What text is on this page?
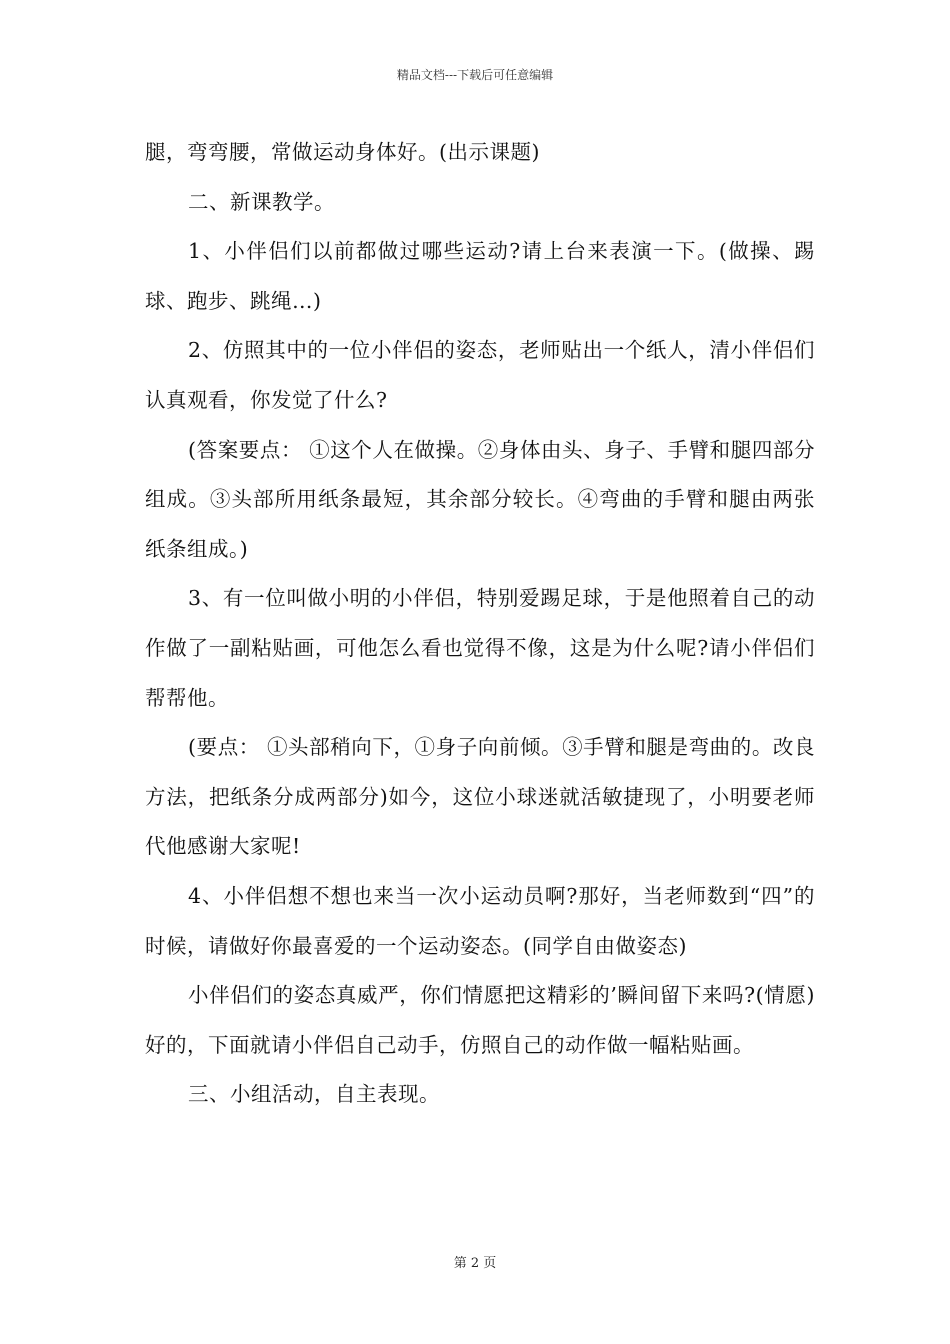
精品文档---下载后可任意编辑

腿，弯弯腰，常做运动身体好。(出示课题)

二、新课教学。

1、小伴侣们以前都做过哪些运动?请上台来表演一下。(做操、踢球、跑步、跳绳…)

2、仿照其中的一位小伴侣的姿态，老师贴出一个纸人，清小伴侣们认真观看，你发觉了什么?

(答案要点： ①这个人在做操。②身体由头、身子、手臂和腿四部分组成。③头部所用纸条最短，其余部分较长。④弯曲的手臂和腿由两张纸条组成。)

3、有一位叫做小明的小伴侣，特别爱踢足球，于是他照着自己的动作做了一副粘贴画，可他怎么看也觉得不像，这是为什么呢?请小伴侣们帮帮他。

(要点： ①头部稍向下，①身子向前倾。③手臂和腿是弯曲的。改良方法，把纸条分成两部分)如今，这位小球迷就活敏捷现了，小明要老师代他感谢大家呢!

4、小伴侣想不想也来当一次小运动员啊?那好，当老师数到“四”的时候，请做好你最喜爱的一个运动姿态。(同学自由做姿态)

小伴侣们的姿态真威严，你们情愿把这精彩的’瞬间留下来吗?(情愿)好的，下面就请小伴侣自己动手，仿照自己的动作做一幅粘贴画。

三、小组活动，自主表现。

第 2 页
